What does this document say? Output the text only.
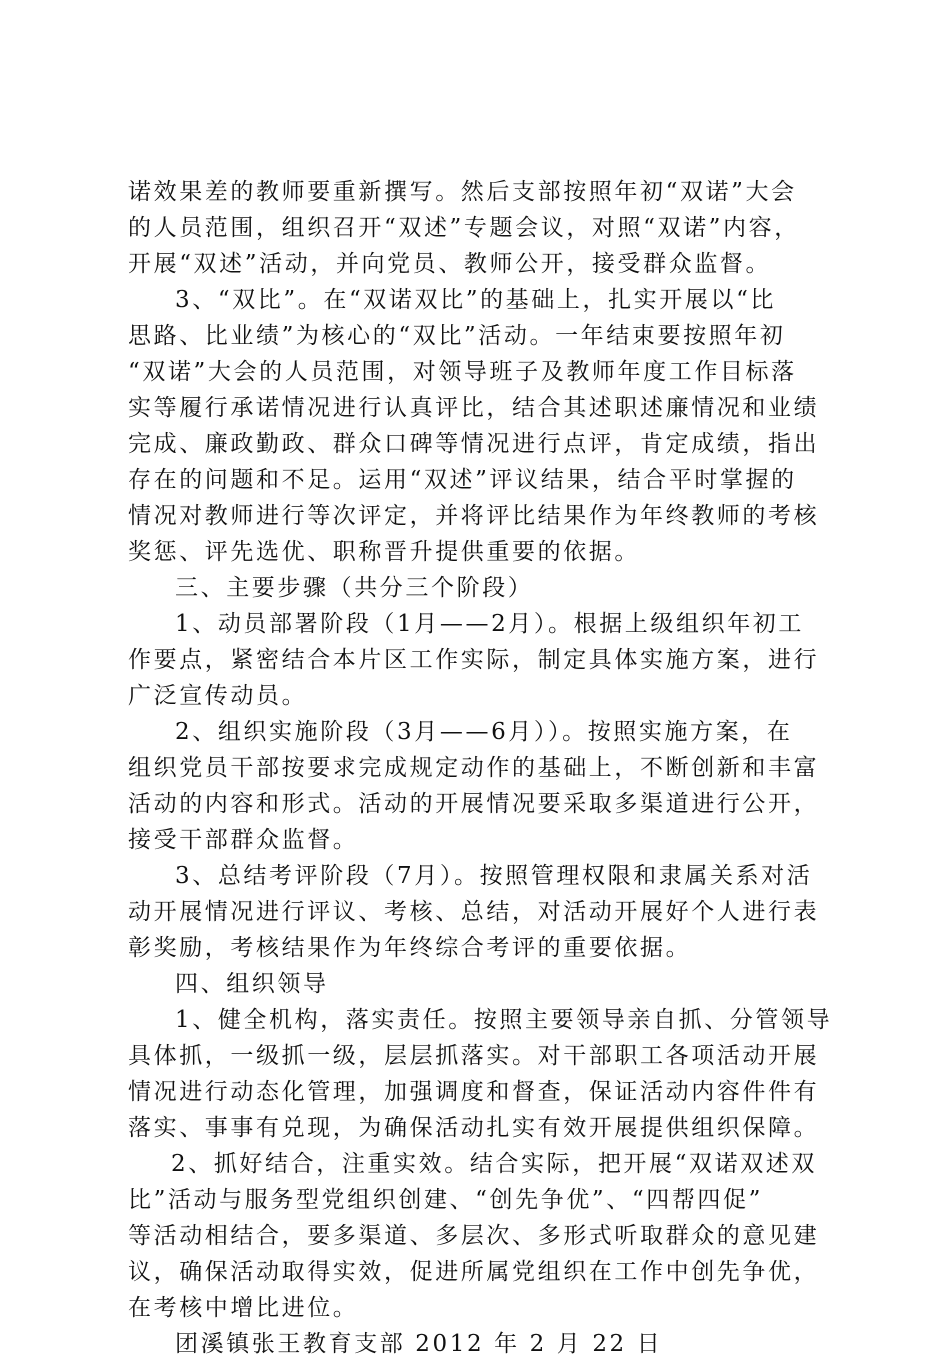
诺效果差的教师要重新撰写。然后支部按照年初“双诺”大会
的人员范围，组织召开“双述”专题会议，对照“双诺”内容，
开展“双述”活动，并向党员、教师公开，接受群众监督。
3、“双比”。在“双诺双比”的基础上，扎实开展以“比
思路、比业绩”为核心的“双比”活动。一年结束要按照年初
“双诺”大会的人员范围，对领导班子及教师年度工作目标落
实等履行承诺情况进行认真评比，结合其述职述廉情况和业绩
完成、廉政勤政、群众口碑等情况进行点评，肯定成绩，指出
存在的问题和不足。运用“双述”评议结果，结合平时掌握的
情况对教师进行等次评定，并将评比结果作为年终教师的考核
奖惩、评先选优、职称晋升提供重要的依据。
三、主要步骤（共分三个阶段）
1、动员部署阶段（1月——2月）。根据上级组织年初工
作要点，紧密结合本片区工作实际，制定具体实施方案，进行
广泛宣传动员。
2、组织实施阶段（3月——6月））。按照实施方案，在
组织党员干部按要求完成规定动作的基础上，不断创新和丰富
活动的内容和形式。活动的开展情况要采取多渠道进行公开，
接受干部群众监督。
3、总结考评阶段（7月）。按照管理权限和隶属关系对活
动开展情况进行评议、考核、总结，对活动开展好个人进行表
彰奖励，考核结果作为年终综合考评的重要依据。
四、组织领导
1、健全机构，落实责任。按照主要领导亲自抓、分管领导
具体抓，一级抓一级，层层抓落实。对干部职工各项活动开展
情况进行动态化管理，加强调度和督查，保证活动内容件件有
落实、事事有兑现，为确保活动扎实有效开展提供组织保障。
2、抓好结合，注重实效。结合实际，把开展“双诺双述双
比”活动与服务型党组织创建、“创先争优”、“四帮四促”
等活动相结合，要多渠道、多层次、多形式听取群众的意见建
议，确保活动取得实效，促进所属党组织在工作中创先争优，
在考核中增比进位。
团溪镇张王教育支部 2012 年 2 月 22 日
